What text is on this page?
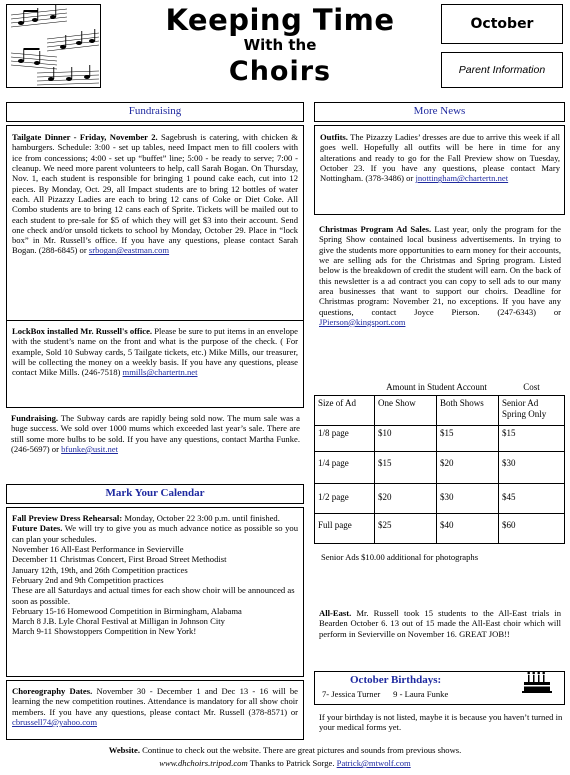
Keeping Time
With the
Choirs
October
Parent Information
Fundraising
Tailgate Dinner - Friday, November 2. Sagebrush is catering, with chicken & hamburgers. Schedule: 3:00 - set up tables, need Impact men to fill coolers with ice from concessions; 4:00 - set up “buffet” line; 5:00 - be ready to serve; 7:00 - cleanup. We need more parent volunteers to help, call Sarah Bogan. On Thursday, Nov. 1, each student is responsible for bringing 1 pound cake each, cut into 12 pieces. By Monday, Oct. 29, all Impact students are to bring 12 bottles of water each. All Pizazzy Ladies are each to bring 12 cans of Coke or Diet Coke. All Combo students are to bring 12 cans each of Sprite. Tickets will be mailed out to each student to pre-sale for $5 of which they will get $3 into their account. Send one check and/or unsold tickets to school by Monday, October 29. Place in “lock box” in Mr. Russell’s office. If you have any questions, please contact Sarah Bogan. (288-6845) or srbogan@eastman.com
LockBox installed Mr. Russell's office. Please be sure to put items in an envelope with the student’s name on the front and what is the purpose of the check. ( For example, Sold 10 Subway cards, 5 Tailgate tickets, etc.) Mike Mills, our treasurer, will be collecting the money on a weekly basis. If you have any questions, please contact Mike Mills. (246-7518) mmills@chartertn.net
Fundraising. The Subway cards are rapidly being sold now. The mum sale was a huge success. We sold over 1000 mums which exceeded last year’s sale. There are still some more bulbs to be sold. If you have any questions, contact Martha Funke. (246-5697) or bfunke@usit.net
Mark Your Calendar
Fall Preview Dress Rehearsal: Monday, October 22 3:00 p.m. until finished.
Future Dates. We will try to give you as much advance notice as possible so you can plan your schedules.
November 16 All-East Performance in Sevierville
December 11 Christmas Concert, First Broad Street Methodist
January 12th, 19th, and 26th Competition practices
February 2nd and 9th Competition practices
These are all Saturdays and actual times for each show choir will be announced as soon as possible.
February 15-16 Homewood Competition in Birmingham, Alabama
March 8 J.B. Lyle Choral Festival at Milligan in Johnson City
March 9-11 Showstoppers Competition in New York!
Choreography Dates. November 30 - December 1 and Dec 13 - 16 will be learning the new competition routines. Attendance is mandatory for all show choir members. If you have any questions, please contact Mr. Russell (378-8571) or cbrussell74@yahoo.com
More News
Outfits. The Pizazzy Ladies’ dresses are due to arrive this week if all goes well. Hopefully all outfits will be here in time for any alterations and ready to go for the Fall Preview show on Tuesday, October 23. If you have any questions, please contact Mary Nottingham. (378-3486) or jnottingham@chartertn.net
Christmas Program Ad Sales. Last year, only the program for the Spring Show contained local business advertisements. In trying to give the students more opportunities to earn money for their accounts, we are selling ads for the Christmas and Spring program. Listed below is the breakdown of credit the student will earn. On the back of this newsletter is a ad contract you can copy to sell ads to our many area businesses that want to support our choirs. Deadline for Christmas program: November 21, no exceptions. If you have any questions, contact Joyce Pierson. (247-6343) or JPierson@kingsport.com
	Amount in Student Account		Cost
Size of Ad	One Show	Both Shows	Senior Ad Spring Only
1/8 page	$10	$15	$15
1/4 page	$15	$20	$30
1/2 page	$20	$30	$45
Full page	$25	$40	$60
Senior Ads $10.00 additional for photographs
All-East. Mr. Russell took 15 students to the All-East trials in Bearden October 6. 13 out of 15 made the All-East choir which will perform in Sevierville on November 16. GREAT JOB!!
October Birthdays:
7- Jessica Turner      9 - Laura Funke
If your birthday is not listed, maybe it is because you haven’t turned in your medical forms yet.
Website. Continue to check out the website. There are great pictures and sounds from previous shows.
www.dhchoirs.tripod.com Thanks to Patrick Sorge. Patrick@mtwolf.com
